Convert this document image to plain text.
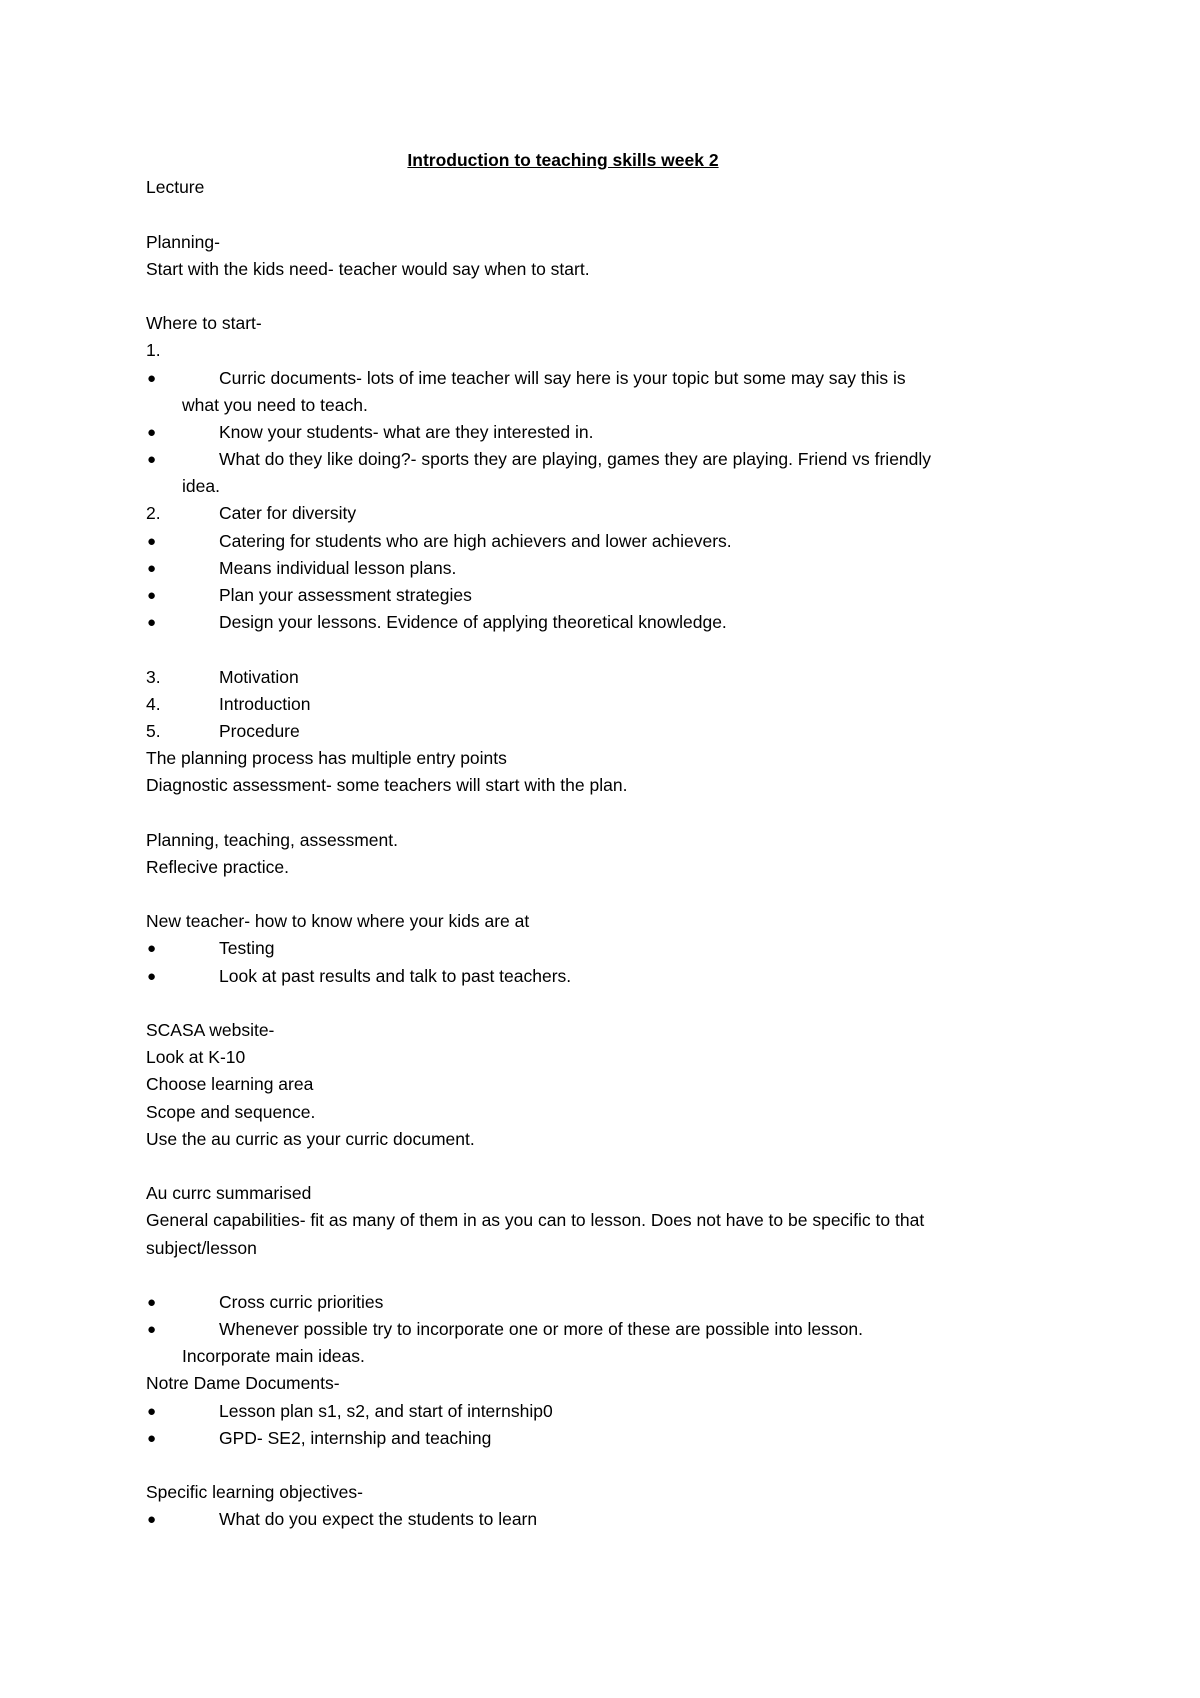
Introduction to teaching skills week 2
Lecture
Planning-
Start with the kids need- teacher would say when to start.
Where to start-
1.
●	Curric documents- lots of ime teacher will say here is your topic but some may say this is
what you need to teach.
●	Know your students- what are they interested in.
●	What do they like doing?- sports they are playing, games they are playing. Friend vs friendly
idea.
2.	Cater for diversity
●	Catering for students who are high achievers and lower achievers.
●	Means individual lesson plans.
●	Plan your assessment strategies
●	Design your lessons. Evidence of applying theoretical knowledge.
3.	Motivation
4.	Introduction
5.	Procedure
The planning process has multiple entry points
Diagnostic assessment- some teachers will start with the plan.
Planning, teaching, assessment.
Reflecive practice.
New teacher- how to know where your kids are at
●	Testing
●	Look at past results and talk to past teachers.
SCASA website-
Look at K-10
Choose learning area
Scope and sequence.
Use the au curric as your curric document.
Au currc summarised
General capabilities- fit as many of them in as you can to lesson. Does not have to be specific to that
subject/lesson
●	Cross curric priorities
●	Whenever possible try to incorporate one or more of these are possible into lesson.
Incorporate main ideas.
Notre Dame Documents-
●	Lesson plan s1, s2, and start of internship0
●	GPD- SE2, internship and teaching
Specific learning objectives-
●	What do you expect the students to learn
